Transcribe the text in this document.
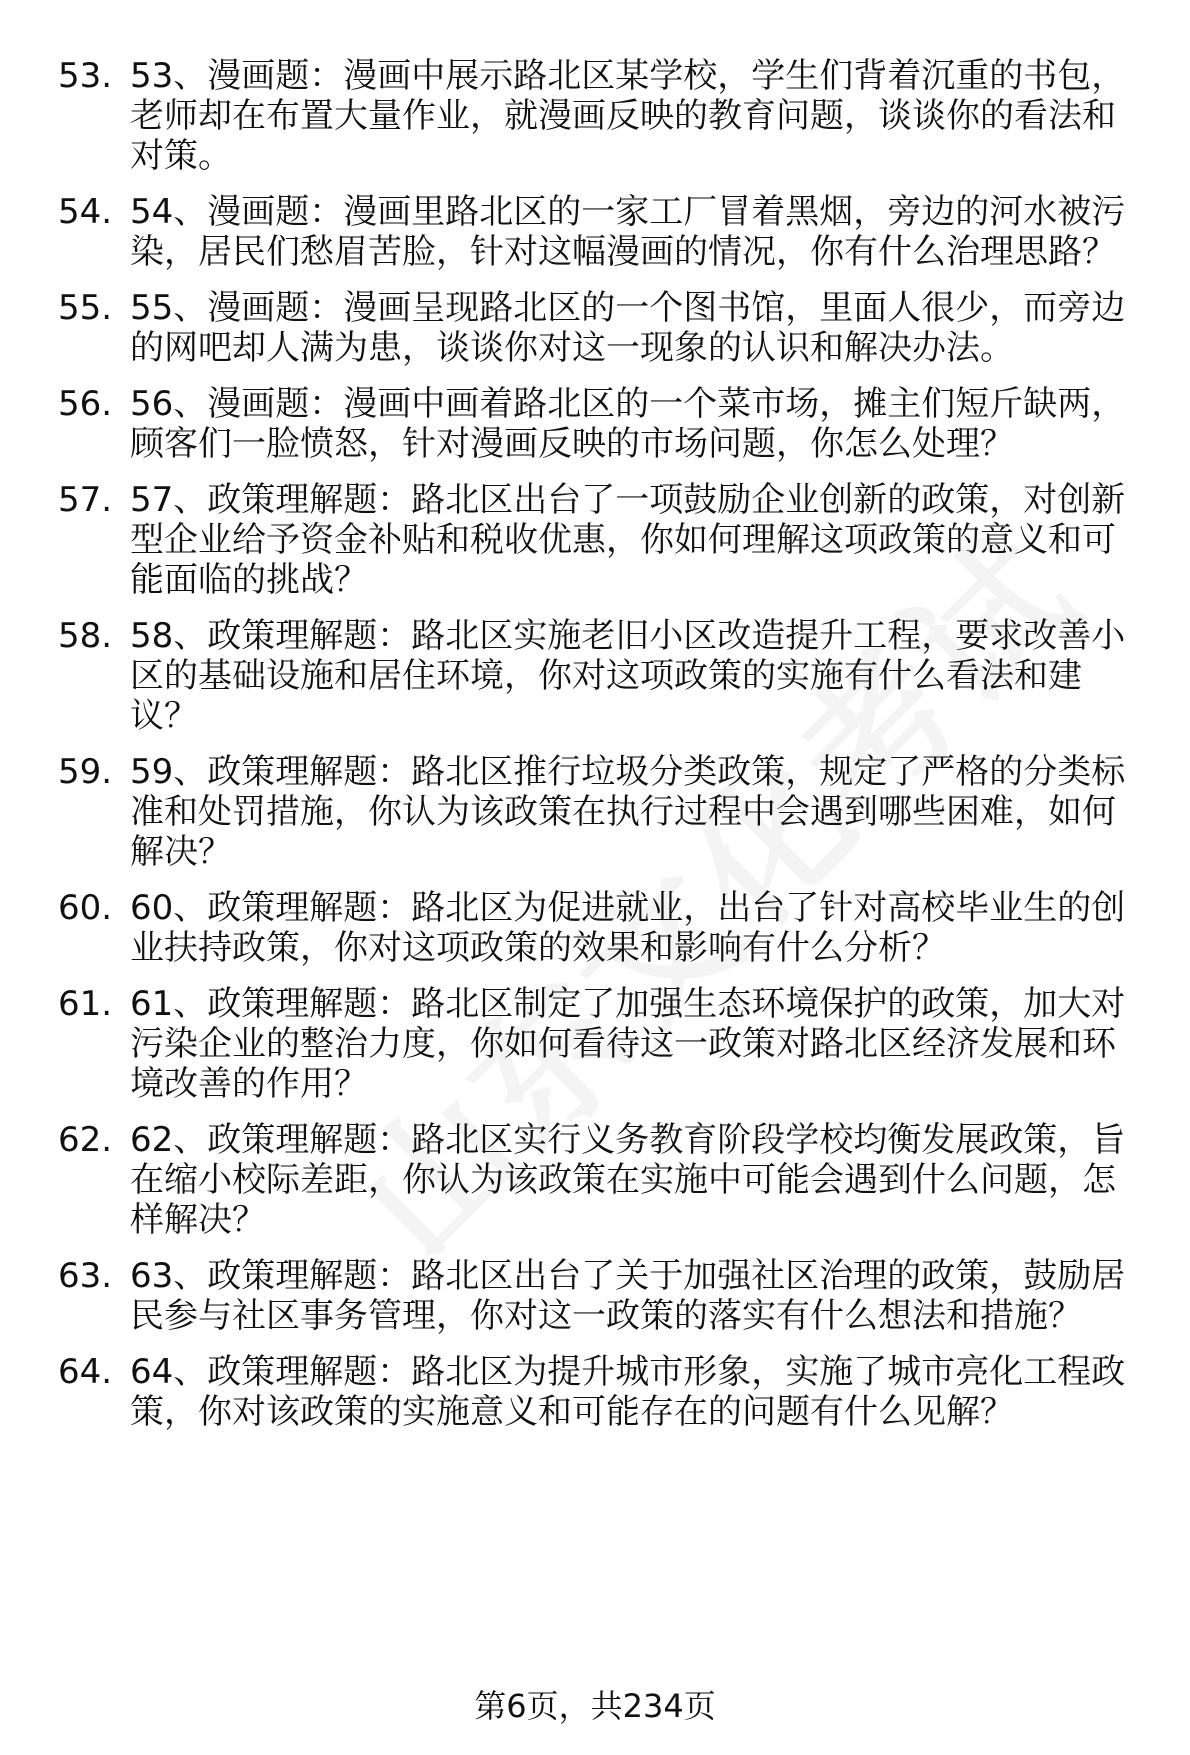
53. 53、漫画题：漫画中展示路北区某学校，学生们背着沉重的书包，老师却在布置大量作业，就漫画反映的教育问题，谈谈你的看法和对策。

54. 54、漫画题：漫画里路北区的一家工厂冒着黑烟，旁边的河水被污染，居民们愁眉苦脸，针对这幅漫画的情况，你有什么治理思路？

55. 55、漫画题：漫画呈现路北区的一个图书馆，里面人很少，而旁边的网吧却人满为患，谈谈你对这一现象的认识和解决办法。

56. 56、漫画题：漫画中画着路北区的一个菜市场，摊主们短斤缺两，顾客们一脸愤怒，针对漫画反映的市场问题，你怎么处理？

57. 57、政策理解题：路北区出台了一项鼓励企业创新的政策，对创新型企业给予资金补贴和税收优惠，你如何理解这项政策的意义和可能面临的挑战？

58. 58、政策理解题：路北区实施老旧小区改造提升工程，要求改善小区的基础设施和居住环境，你对这项政策的实施有什么看法和建议？

59. 59、政策理解题：路北区推行垃圾分类政策，规定了严格的分类标准和处罚措施，你认为该政策在执行过程中会遇到哪些困难，如何解决？

60. 60、政策理解题：路北区为促进就业，出台了针对高校毕业生的创业扶持政策，你对这项政策的效果和影响有什么分析？

61. 61、政策理解题：路北区制定了加强生态环境保护的政策，加大对污染企业的整治力度，你如何看待这一政策对路北区经济发展和环境改善的作用？

62. 62、政策理解题：路北区实行义务教育阶段学校均衡发展政策，旨在缩小校际差距，你认为该政策在实施中可能会遇到什么问题，怎样解决？

63. 63、政策理解题：路北区出台了关于加强社区治理的政策，鼓励居民参与社区事务管理，你对这一政策的落实有什么想法和措施？

64. 64、政策理解题：路北区为提升城市形象，实施了城市亮化工程政策，你对该政策的实施意义和可能存在的问题有什么见解？

第6页，共234页
